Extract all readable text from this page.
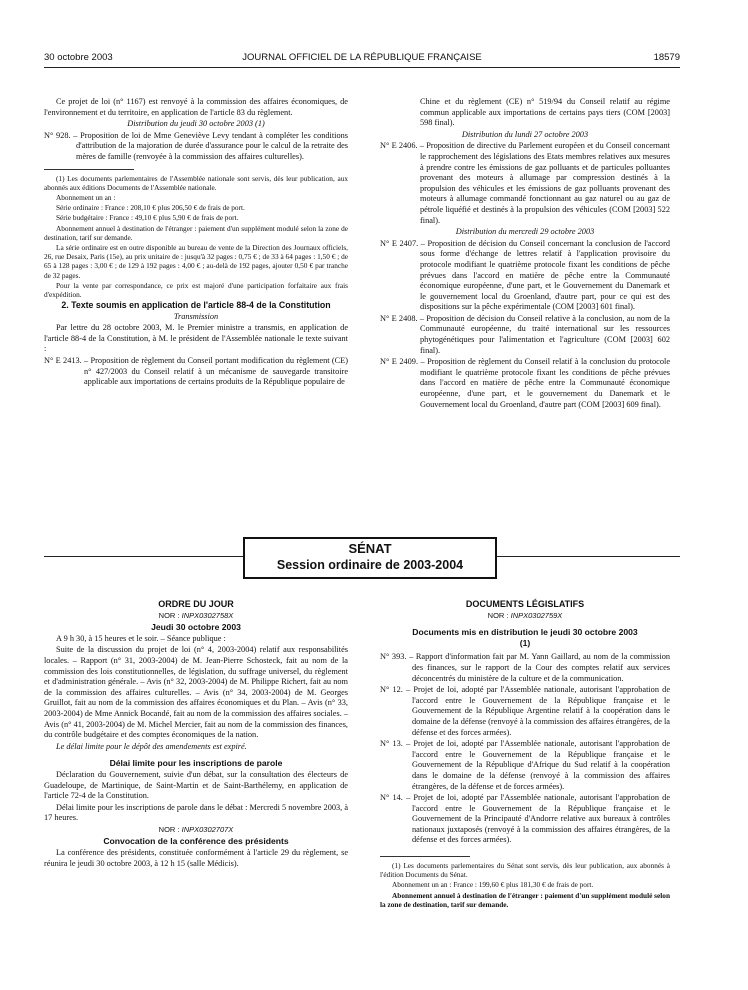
30 octobre 2003	JOURNAL OFFICIEL DE LA RÉPUBLIQUE FRANÇAISE	18579

Ce projet de loi (n° 1167) est renvoyé à la commission des affaires économiques, de l'environnement et du territoire, en application de l'article 83 du règlement.

Distribution du jeudi 30 octobre 2003 (1)

N° 928. – Proposition de loi de Mme Geneviève Levy tendant à compléter les conditions d'attribution de la majoration de durée d'assurance pour le calcul de la retraite des mères de famille (renvoyée à la commission des affaires culturelles).

(1) Les documents parlementaires de l'Assemblée nationale sont servis, dès leur publication, aux abonnés aux éditions Documents de l'Assemblée nationale.

Abonnement un an :

Série ordinaire : France : 208,10 € plus 206,50 € de frais de port.

Série budgétaire : France : 49,10 € plus 5,90 € de frais de port.

Abonnement annuel à destination de l'étranger : paiement d'un supplément modulé selon la zone de destination, tarif sur demande.

La série ordinaire est en outre disponible au bureau de vente de la Direction des Journaux officiels, 26, rue Desaix, Paris (15e), au prix unitaire de : jusqu'à 32 pages : 0,75 € ; de 33 à 64 pages : 1,50 € ; de 65 à 128 pages : 3,00 € ; de 129 à 192 pages : 4,00 € ; au-delà de 192 pages, ajouter 0,50 € par tranche de 32 pages.

Pour la vente par correspondance, ce prix est majoré d'une participation forfaitaire aux frais d'expédition.

2. Texte soumis en application de l'article 88-4 de la Constitution

Transmission

Par lettre du 28 octobre 2003, M. le Premier ministre a transmis, en application de l'article 88-4 de la Constitution, à M. le président de l'Assemblée nationale le texte suivant :

N° E 2413. – Proposition de règlement du Conseil portant modification du règlement (CE) n° 427/2003 du Conseil relatif à un mécanisme de sauvegarde transitoire applicable aux importations de certains produits de la République populaire de

Chine et du règlement (CE) n° 519/94 du Conseil relatif au régime commun applicable aux importations de certains pays tiers (COM [2003] 598 final).

Distribution du lundi 27 octobre 2003

N° E 2406. – Proposition de directive du Parlement européen et du Conseil concernant le rapprochement des législations des Etats membres relatives aux mesures à prendre contre les émissions de gaz polluants et de particules polluantes provenant des moteurs à allumage par compression destinés à la propulsion des véhicules et les émissions de gaz polluants provenant des moteurs à allumage commandé fonctionnant au gaz naturel ou au gaz de pétrole liquéfié et destinés à la propulsion des véhicules (COM [2003] 522 final).

Distribution du mercredi 29 octobre 2003

N° E 2407. – Proposition de décision du Conseil concernant la conclusion de l'accord sous forme d'échange de lettres relatif à l'application provisoire du protocole modifiant le quatrième protocole fixant les conditions de pêche prévues dans l'accord en matière de pêche entre la Communauté économique européenne, d'une part, et le Gouvernement du Danemark et le gouvernement local du Groenland, d'autre part, pour ce qui est des dispositions sur la pêche expérimentale (COM [2003] 601 final).

N° E 2408. – Proposition de décision du Conseil relative à la conclusion, au nom de la Communauté européenne, du traité international sur les ressources phytogénétiques pour l'alimentation et l'agriculture (COM [2003] 602 final).

N° E 2409. – Proposition de règlement du Conseil relatif à la conclusion du protocole modifiant le quatrième protocole fixant les conditions de pêche prévues dans l'accord en matière de pêche entre la Communauté économique européenne, d'une part, et le gouvernement du Danemark et le Gouvernement local du Groenland, d'autre part (COM [2003] 609 final).

SÉNAT
Session ordinaire de 2003-2004

ORDRE DU JOUR

NOR : INPX0302758X

Jeudi 30 octobre 2003

A 9 h 30, à 15 heures et le soir. – Séance publique :

Suite de la discussion du projet de loi (n° 4, 2003-2004) relatif aux responsabilités locales. – Rapport (n° 31, 2003-2004) de M. Jean-Pierre Schosteck, fait au nom de la commission des lois constitutionnelles, de législation, du suffrage universel, du règlement et d'administration générale. – Avis (n° 32, 2003-2004) de M. Philippe Richert, fait au nom de la commission des affaires culturelles. – Avis (n° 34, 2003-2004) de M. Georges Gruillot, fait au nom de la commission des affaires économiques et du Plan. – Avis (n° 33, 2003-2004) de Mme Annick Bocandé, fait au nom de la commission des affaires sociales. – Avis (n° 41, 2003-2004) de M. Michel Mercier, fait au nom de la commission des finances, du contrôle budgétaire et des comptes économiques de la nation.

Le délai limite pour le dépôt des amendements est expiré.

Délai limite pour les inscriptions de parole

Déclaration du Gouvernement, suivie d'un débat, sur la consultation des électeurs de Guadeloupe, de Martinique, de Saint-Martin et de Saint-Barthélemy, en application de l'article 72-4 de la Constitution.

Délai limite pour les inscriptions de parole dans le débat : Mercredi 5 novembre 2003, à 17 heures.

NOR : INPX0302707X

Convocation de la conférence des présidents

La conférence des présidents, constituée conformément à l'article 29 du règlement, se réunira le jeudi 30 octobre 2003, à 12 h 15 (salle Médicis).

DOCUMENTS LÉGISLATIFS

NOR : INPX0302759X

Documents mis en distribution le jeudi 30 octobre 2003 (1)

N° 393. – Rapport d'information fait par M. Yann Gaillard, au nom de la commission des finances, sur le rapport de la Cour des comptes relatif aux services déconcentrés du ministère de la culture et de la communication.

N° 12. – Projet de loi, adopté par l'Assemblée nationale, autorisant l'approbation de l'accord entre le Gouvernement de la République française et le Gouvernement de la République Argentine relatif à la coopération dans le domaine de la défense (renvoyé à la commission des affaires étrangères, de la défense et des forces armées).

N° 13. – Projet de loi, adopté par l'Assemblée nationale, autorisant l'approbation de l'accord entre le Gouvernement de la République française et le Gouvernement de la République d'Afrique du Sud relatif à la coopération dans le domaine de la défense (renvoyé à la commission des affaires étrangères, de la défense et de forces armées).

N° 14. – Projet de loi, adopté par l'Assemblée nationale, autorisant l'approbation de l'accord entre le Gouvernement de la République française et le Gouvernement de la Principauté d'Andorre relative aux bureaux à contrôles nationaux juxtaposés (renvoyé à la commission des affaires étrangères, de la défense et des forces armées).

(1) Les documents parlementaires du Sénat sont servis, dès leur publication, aux abonnés à l'édition Documents du Sénat.

Abonnement un an : France : 199,60 € plus 181,30 € de frais de port.

Abonnement annuel à destination de l'étranger : paiement d'un supplément modulé selon la zone de destination, tarif sur demande.
